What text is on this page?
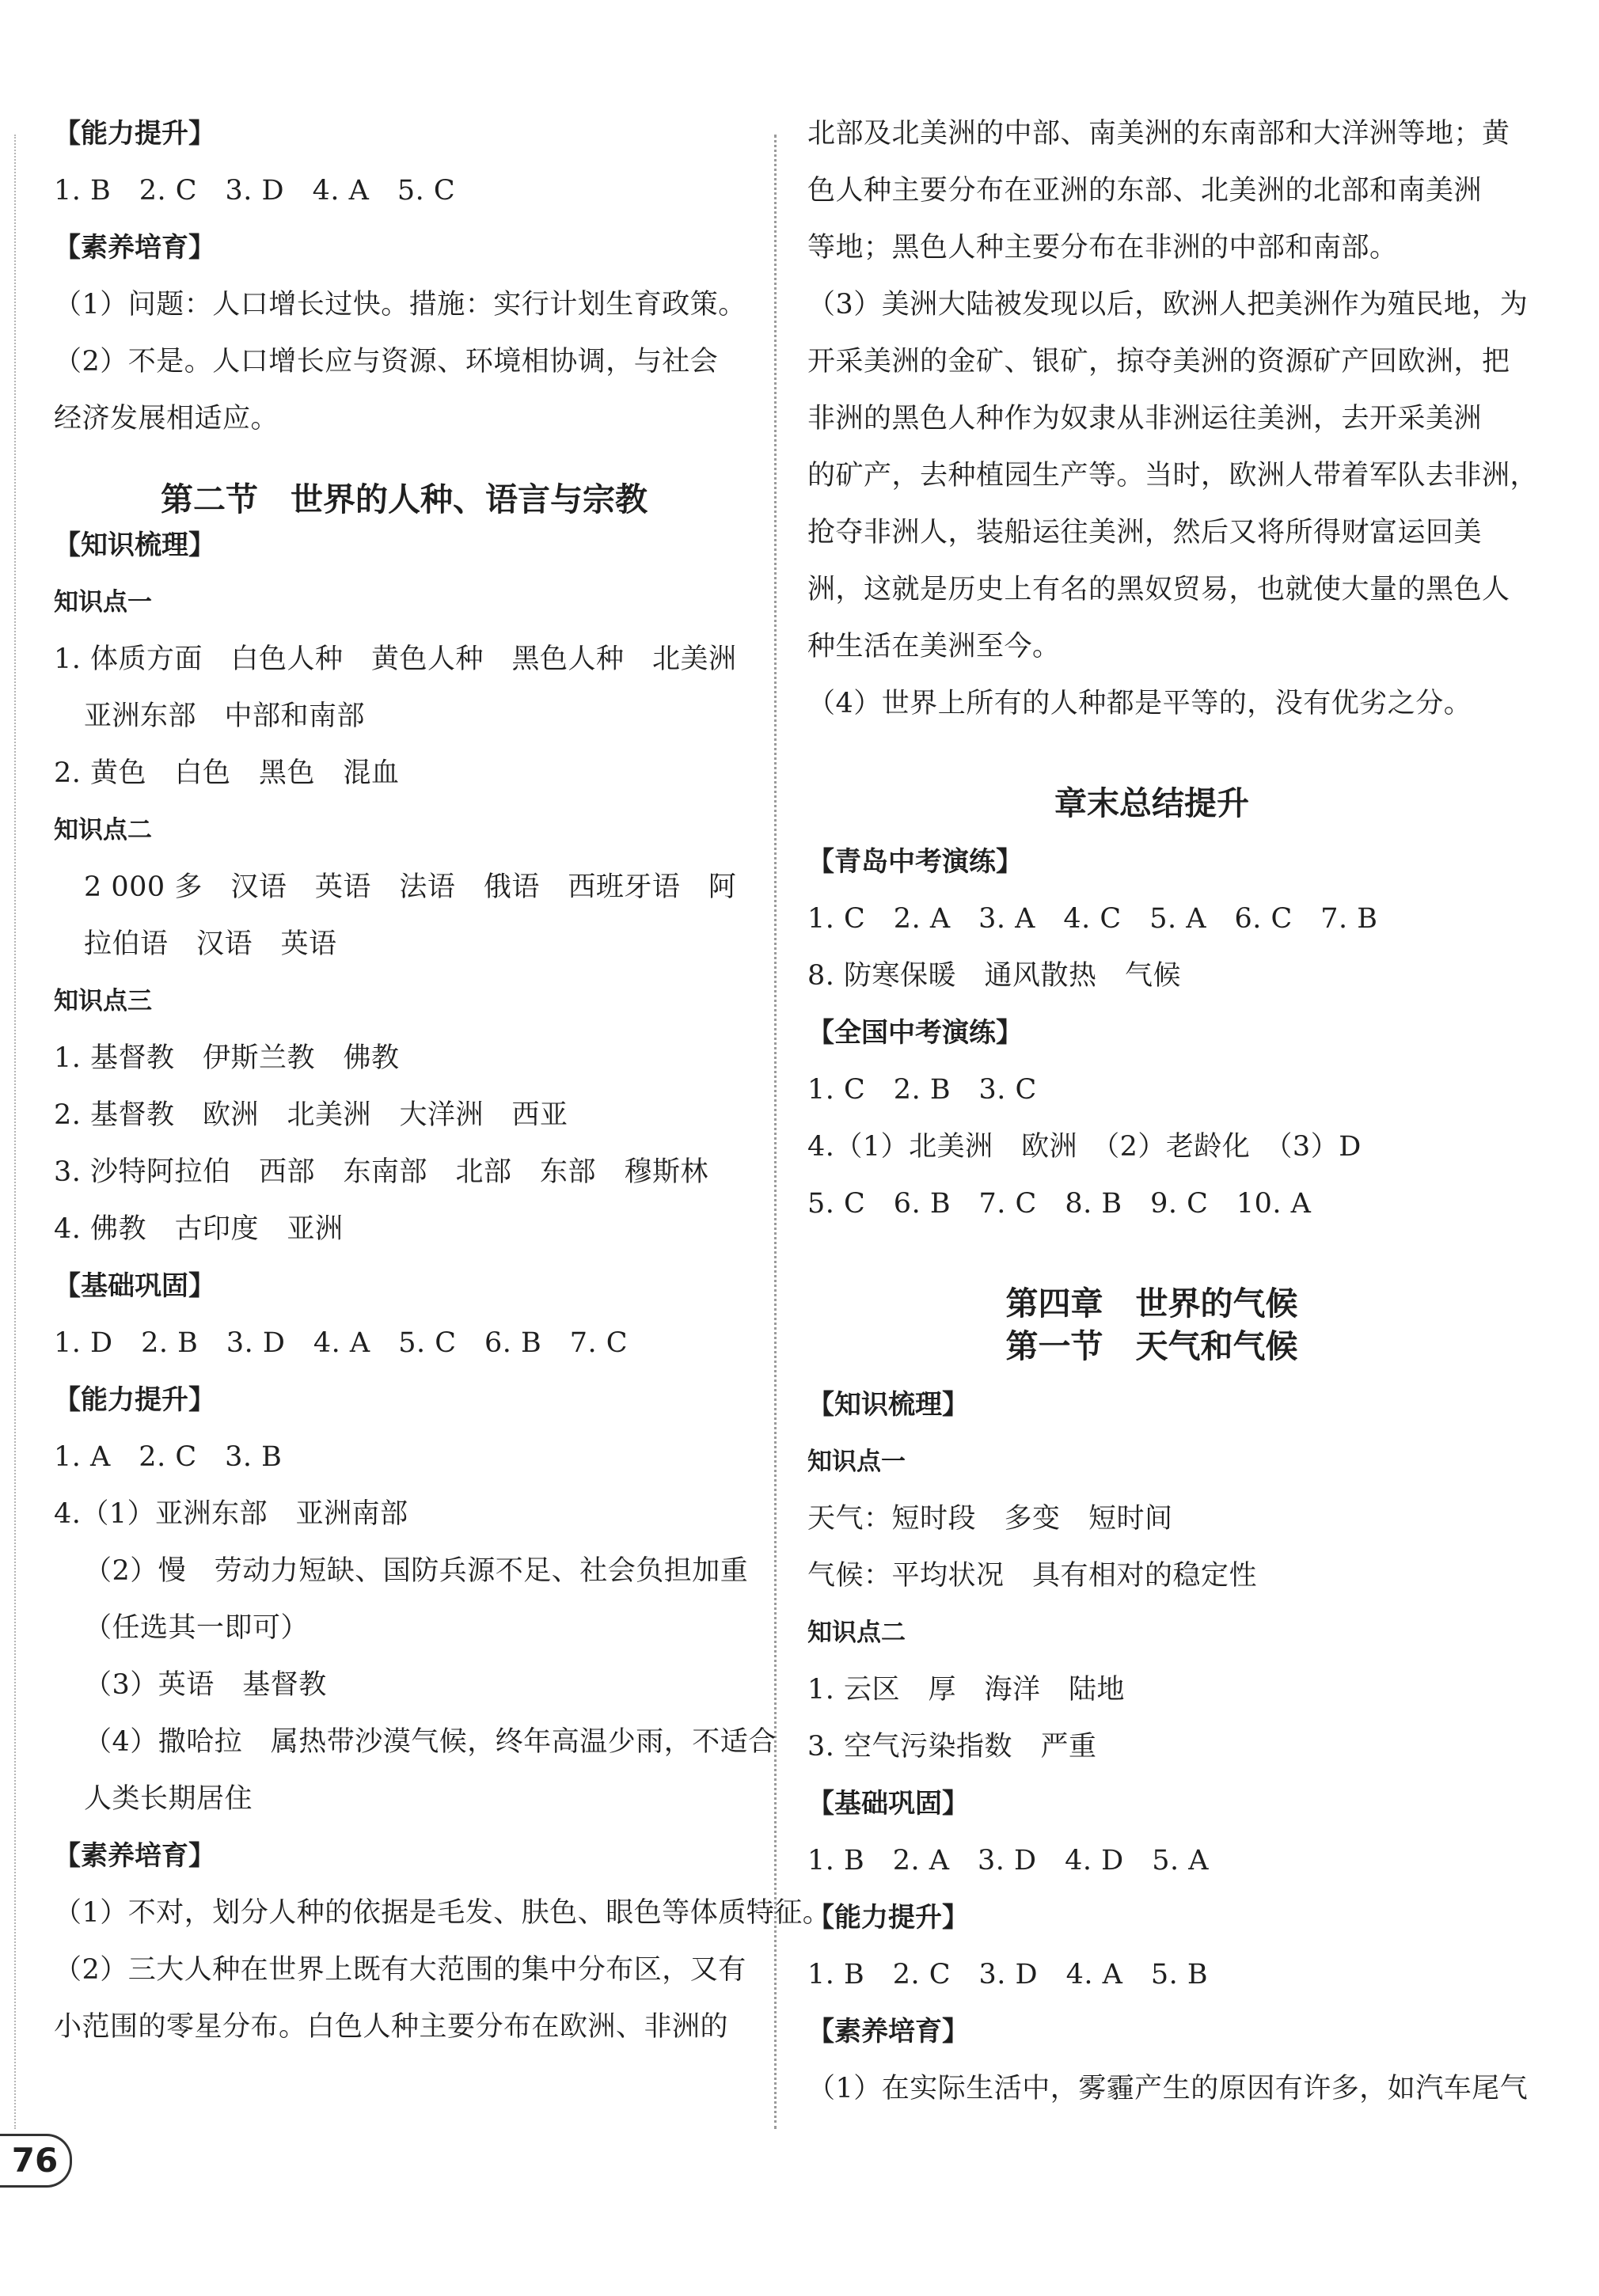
【能力提升】
1. B　2. C　3. D　4. A　5. C
【素养培育】
（1）问题：人口增长过快。措施：实行计划生育政策。
（2）不是。人口增长应与资源、环境相协调，与社会
经济发展相适应。
第二节　世界的人种、语言与宗教
【知识梳理】
知识点一
1. 体质方面　白色人种　黄色人种　黑色人种　北美洲
亚洲东部　中部和南部
2. 黄色　白色　黑色　混血
知识点二
2 000 多　汉语　英语　法语　俄语　西班牙语　阿
拉伯语　汉语　英语
知识点三
1. 基督教　伊斯兰教　佛教
2. 基督教　欧洲　北美洲　大洋洲　西亚
3. 沙特阿拉伯　西部　东南部　北部　东部　穆斯林
4. 佛教　古印度　亚洲
【基础巩固】
1. D　2. B　3. D　4. A　5. C　6. B　7. C
【能力提升】
1. A　2. C　3. B
4.（1）亚洲东部　亚洲南部
（2）慢　劳动力短缺、国防兵源不足、社会负担加重
（任选其一即可）
（3）英语　基督教
（4）撒哈拉　属热带沙漠气候，终年高温少雨，不适合
人类长期居住
【素养培育】
（1）不对，划分人种的依据是毛发、肤色、眼色等体质特征。
（2）三大人种在世界上既有大范围的集中分布区，又有
小范围的零星分布。白色人种主要分布在欧洲、非洲的
北部及北美洲的中部、南美洲的东南部和大洋洲等地；黄
色人种主要分布在亚洲的东部、北美洲的北部和南美洲
等地；黑色人种主要分布在非洲的中部和南部。
（3）美洲大陆被发现以后，欧洲人把美洲作为殖民地，为
开采美洲的金矿、银矿，掠夺美洲的资源矿产回欧洲，把
非洲的黑色人种作为奴隶从非洲运往美洲，去开采美洲
的矿产，去种植园生产等。当时，欧洲人带着军队去非洲，
抢夺非洲人，装船运往美洲，然后又将所得财富运回美
洲，这就是历史上有名的黑奴贸易，也就使大量的黑色人
种生活在美洲至今。
（4）世界上所有的人种都是平等的，没有优劣之分。
章末总结提升
【青岛中考演练】
1. C　2. A　3. A　4. C　5. A　6. C　7. B
8. 防寒保暖　通风散热　气候
【全国中考演练】
1. C　2. B　3. C
4.（1）北美洲　欧洲　（2）老龄化　（3）D
5. C　6. B　7. C　8. B　9. C　10. A
第四章　世界的气候
第一节　天气和气候
【知识梳理】
知识点一
天气：短时段　多变　短时间
气候：平均状况　具有相对的稳定性
知识点二
1. 云区　厚　海洋　陆地
3. 空气污染指数　严重
【基础巩固】
1. B　2. A　3. D　4. D　5. A
【能力提升】
1. B　2. C　3. D　4. A　5. B
【素养培育】
（1）在实际生活中，雾霾产生的原因有许多，如汽车尾气
76
